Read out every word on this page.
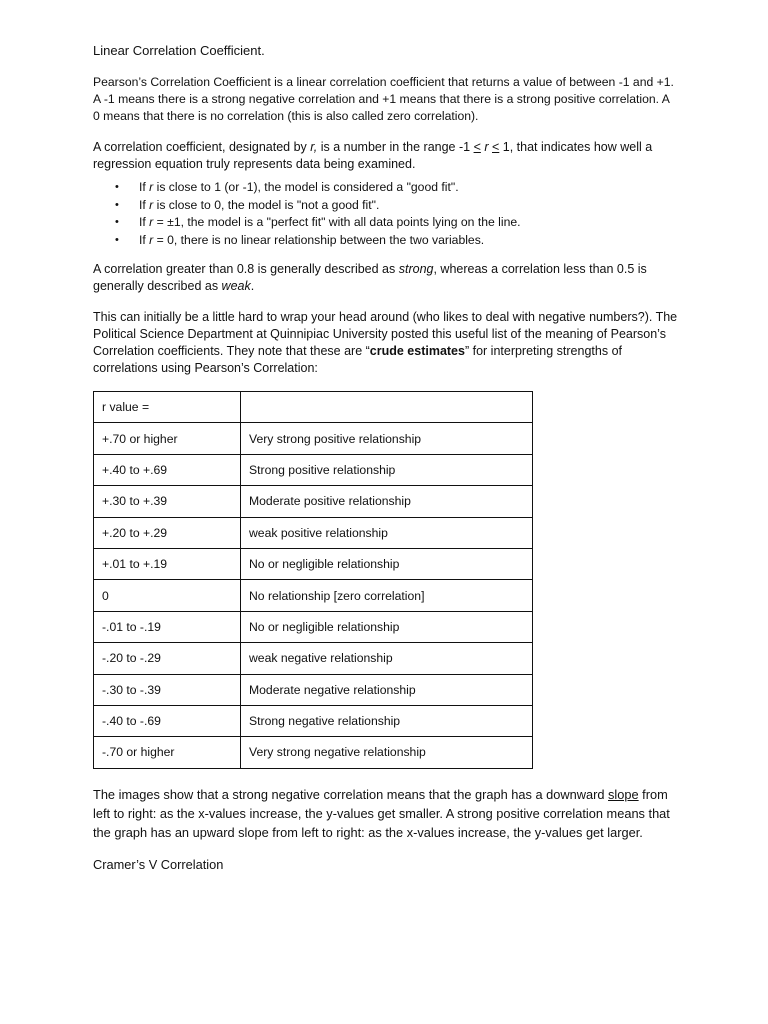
Linear Correlation Coefficient.

Pearson’s Correlation Coefficient is a linear correlation coefficient that returns a value of between -1 and +1. A -1 means there is a strong negative correlation and +1 means that there is a strong positive correlation. A 0 means that there is no correlation (this is also called zero correlation).

A correlation coefficient, designated by r, is a number in the range -1 ≤ r ≤ 1, that indicates how well a regression equation truly represents data being examined.

• If r is close to 1 (or -1), the model is considered a "good fit".
• If r is close to 0, the model is "not a good fit".
• If r = ±1, the model is a "perfect fit" with all data points lying on the line.
• If r = 0, there is no linear relationship between the two variables.

A correlation greater than 0.8 is generally described as strong, whereas a correlation less than 0.5 is generally described as weak.

This can initially be a little hard to wrap your head around (who likes to deal with negative numbers?). The Political Science Department at Quinnipiac University posted this useful list of the meaning of Pearson’s Correlation coefficients. They note that these are “crude estimates” for interpreting strengths of correlations using Pearson’s Correlation:

r value =	
+.70 or higher	Very strong positive relationship
+.40 to +.69	Strong positive relationship
+.30 to +.39	Moderate positive relationship
+.20 to +.29	weak positive relationship
+.01 to +.19	No or negligible relationship
0	No relationship [zero correlation]
-.01 to -.19	No or negligible relationship
-.20 to -.29	weak negative relationship
-.30 to -.39	Moderate negative relationship
-.40 to -.69	Strong negative relationship
-.70 or higher	Very strong negative relationship

The images show that a strong negative correlation means that the graph has a downward slope from left to right: as the x-values increase, the y-values get smaller. A strong positive correlation means that the graph has an upward slope from left to right: as the x-values increase, the y-values get larger.

Cramer’s V Correlation
